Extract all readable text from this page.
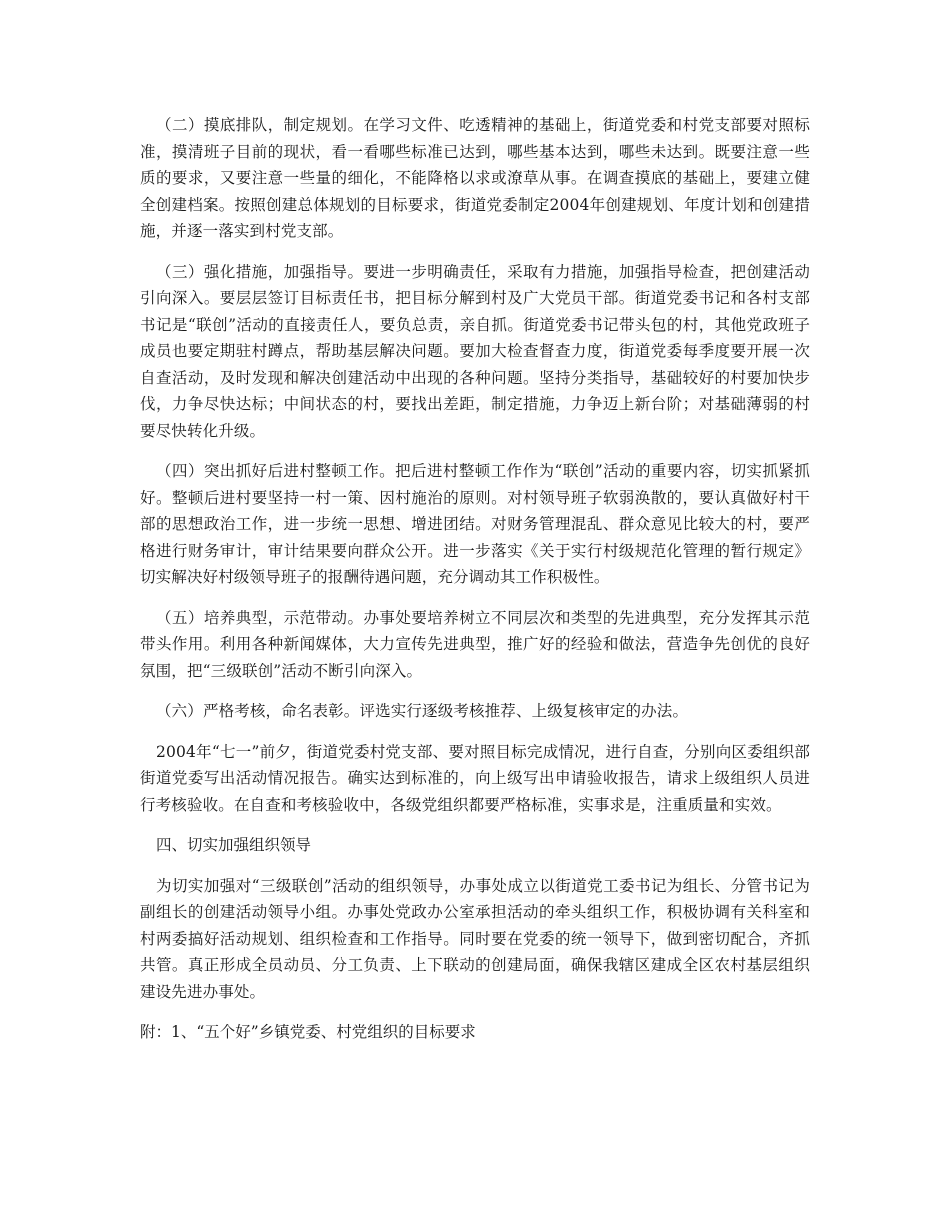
（二）摸底排队，制定规划。在学习文件、吃透精神的基础上，街道党委和村党支部要对照标准，摸清班子目前的现状，看一看哪些标准已达到，哪些基本达到，哪些未达到。既要注意一些质的要求，又要注意一些量的细化，不能降格以求或潦草从事。在调查摸底的基础上，要建立健全创建档案。按照创建总体规划的目标要求，街道党委制定2004年创建规划、年度计划和创建措施，并逐一落实到村党支部。

（三）强化措施，加强指导。要进一步明确责任，采取有力措施，加强指导检查，把创建活动引向深入。要层层签订目标责任书，把目标分解到村及广大党员干部。街道党委书记和各村支部书记是“联创”活动的直接责任人，要负总责，亲自抓。街道党委书记带头包的村，其他党政班子成员也要定期驻村蹲点，帮助基层解决问题。要加大检查督查力度，街道党委每季度要开展一次自查活动，及时发现和解决创建活动中出现的各种问题。坚持分类指导，基础较好的村要加快步伐，力争尽快达标；中间状态的村，要找出差距，制定措施，力争迈上新台阶；对基础薄弱的村要尽快转化升级。

（四）突出抓好后进村整顿工作。把后进村整顿工作作为“联创”活动的重要内容，切实抓紧抓好。整顿后进村要坚持一村一策、因村施治的原则。对村领导班子软弱涣散的，要认真做好村干部的思想政治工作，进一步统一思想、增进团结。对财务管理混乱、群众意见比较大的村，要严格进行财务审计，审计结果要向群众公开。进一步落实《关于实行村级规范化管理的暂行规定》切实解决好村级领导班子的报酬待遇问题，充分调动其工作积极性。

（五）培养典型，示范带动。办事处要培养树立不同层次和类型的先进典型，充分发挥其示范带头作用。利用各种新闻媒体，大力宣传先进典型，推广好的经验和做法，营造争先创优的良好氛围，把“三级联创”活动不断引向深入。

（六）严格考核，命名表彰。评选实行逐级考核推荐、上级复核审定的办法。

2004年“七一”前夕，街道党委村党支部、要对照目标完成情况，进行自查，分别向区委组织部街道党委写出活动情况报告。确实达到标准的，向上级写出申请验收报告，请求上级组织人员进行考核验收。在自查和考核验收中，各级党组织都要严格标准，实事求是，注重质量和实效。

四、切实加强组织领导

为切实加强对“三级联创”活动的组织领导，办事处成立以街道党工委书记为组长、分管书记为副组长的创建活动领导小组。办事处党政办公室承担活动的牵头组织工作，积极协调有关科室和村两委搞好活动规划、组织检查和工作指导。同时要在党委的统一领导下，做到密切配合，齐抓共管。真正形成全员动员、分工负责、上下联动的创建局面，确保我辖区建成全区农村基层组织建设先进办事处。

附：1、“五个好”乡镇党委、村党组织的目标要求
